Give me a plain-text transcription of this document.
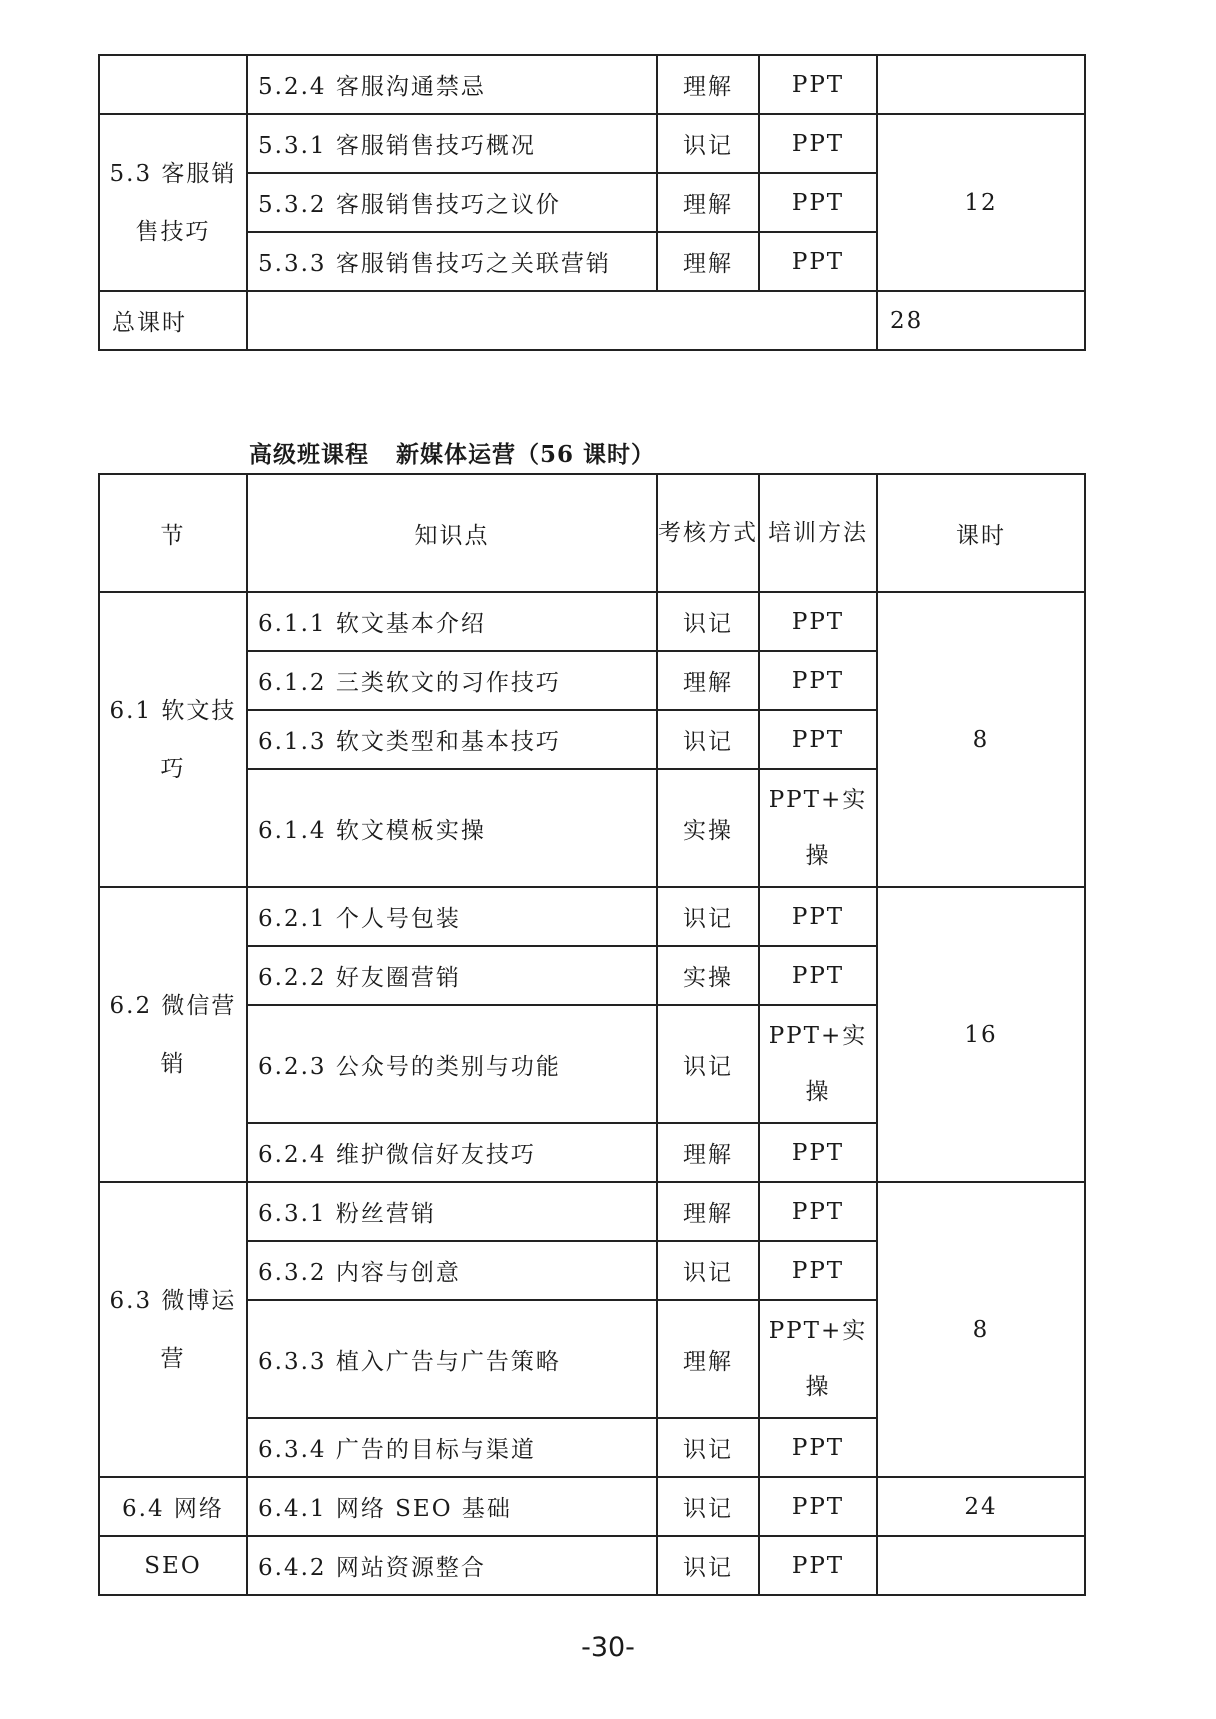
	5.2.4 客服沟通禁忌	理解	PPT	
5.3 客服销售技巧	5.3.1 客服销售技巧概况	识记	PPT	12
	5.3.2 客服销售技巧之议价	理解	PPT	
	5.3.3 客服销售技巧之关联营销	理解	PPT	
总课时				28
高级班课程   新媒体运营（56 课时）
节	知识点	考核方式	培训方法	课时
6.1 软文技巧	6.1.1 软文基本介绍	识记	PPT	8
	6.1.2 三类软文的习作技巧	理解	PPT	
	6.1.3 软文类型和基本技巧	识记	PPT	
	6.1.4 软文模板实操	实操	PPT+实操	
6.2 微信营销	6.2.1 个人号包装	识记	PPT	16
	6.2.2 好友圈营销	实操	PPT	
	6.2.3 公众号的类别与功能	识记	PPT+实操	
	6.2.4 维护微信好友技巧	理解	PPT	
6.3 微博运营	6.3.1 粉丝营销	理解	PPT	8
	6.3.2 内容与创意	识记	PPT	
	6.3.3 植入广告与广告策略	理解	PPT+实操	
	6.3.4 广告的目标与渠道	识记	PPT	
6.4 网络	6.4.1 网络 SEO 基础	识记	PPT	24
SEO	6.4.2 网站资源整合	识记	PPT	
-30-
